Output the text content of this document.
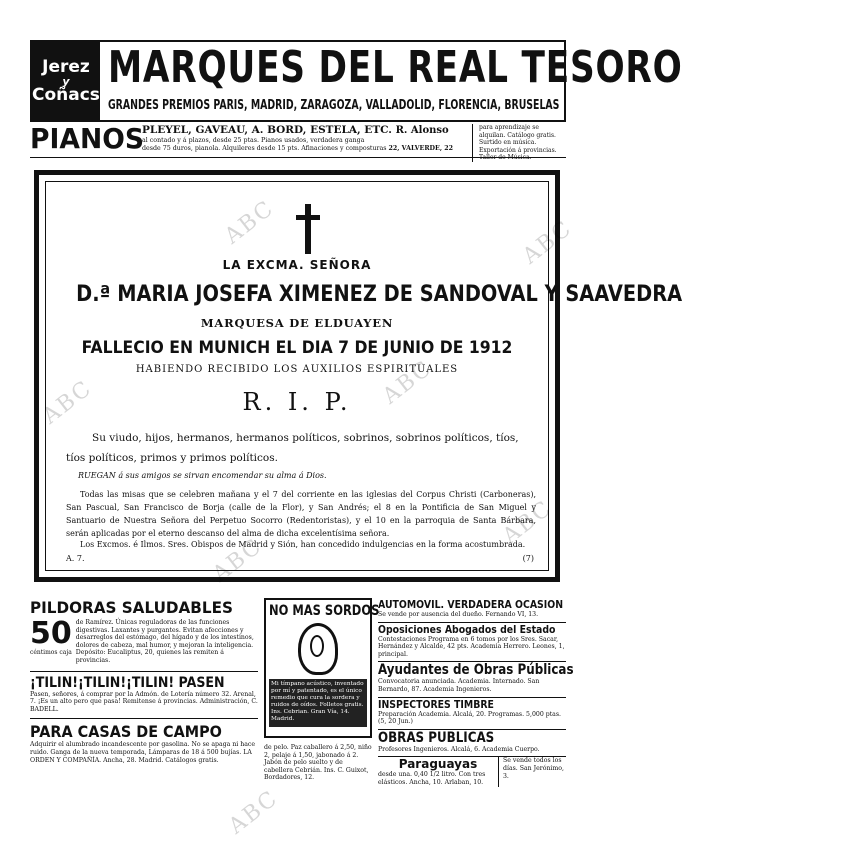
Jerez
y
Coñacs
MARQUES DEL REAL TESORO
GRANDES PREMIOS PARIS, MADRID, ZARAGOZA, VALLADOLID, FLORENCIA, BRUSELAS
PIANOS
PLEYEL, GAVEAU, A. BORD, ESTELA, ETC. R. Alonso
al contado y á plazos, desde 25 ptas. Pianos usados, verdadera ganga
desde 75 duros, pianola. Alquileres desde 15 pts. Afinaciones y composturas 22, VALVERDE, 22
para aprendizaje se alquilan. Catálogo gratis. Surtido en música. Exportación á provincias. Taller de Música.
LA EXCMA. SEÑORA
D.ª MARIA JOSEFA XIMENEZ DE SANDOVAL Y SAAVEDRA
MARQUESA DE ELDUAYEN
FALLECIO EN MUNICH EL DIA 7 DE JUNIO DE 1912
HABIENDO RECIBIDO LOS AUXILIOS ESPIRITUALES
R. I. P.
Su viudo, hijos, hermanos, hermanos políticos, sobrinos, sobrinos políticos, tíos, tíos políticos, primos y primos políticos.
RUEGAN á sus amigos se sirvan encomendar su alma á Dios.
Todas las misas que se celebren mañana y el 7 del corriente en las iglesias del Corpus Christi (Carboneras), San Pascual, San Francisco de Borja (calle de la Flor), y San Andrés; el 8 en la Pontificia de San Miguel y Santuario de Nuestra Señora del Perpetuo Socorro (Redentoristas), y el 10 en la parroquia de Santa Bárbara, serán aplicadas por el eterno descanso del alma de dicha excelentísima señora.
Los Excmos. é Ilmos. Sres. Obispos de Madrid y Sión, han concedido indulgencias en la forma acostumbrada.
A. 7.	(7)
PILDORAS SALUDABLES
50
céntimos caja
de Ramírez. Únicas reguladoras de las funciones digestivas. Laxantes y purgantes. Evitan afecciones y desarreglos del estómago, del hígado y de los intestinos, dolores de cabeza, mal humor, y mejoran la inteligencia. Depósito: Eucaliptus, 20, quienes las remiten á provincias.
¡TILIN!¡TILIN!¡TILIN! PASEN
Pasen, señores, á comprar por la Admón. de Lotería número 32. Arenal, 7. ¡Es un alto pero que pasa! Remitense á provincias. Administración, C. BADELL.
PARA CASAS DE CAMPO
Adquirir el alumbrado incandescente por gasolina. No se apaga ni hace ruido. Ganga de la nueva temporada, Lámparas de 18 á 500 bujías. LA ORDEN Y COMPAÑÍA. Ancha, 28. Madrid. Catálogos gratis.
NO MAS SORDOS
Mi tímpano acústico, inventado por mí y patentado, es el único remedio que cura la sordera y ruidos de oídos. Folletos gratis. Ins. Cebrian. Gran Vía, 14. Madrid.
de pelo. Paz caballero á 2,50, niño 2, pelaje á 1,50, jabonado á 2. Jabón de pelo suelto y de cabellera Cebrián. Ins. C. Guixot, Bordadores, 12.
AUTOMOVIL. VERDADERA OCASION
Se vende por ausencia del dueño. Fernando VI, 13.
Oposiciones Abogados del Estado
Contestaciones Programa en 6 tomos por los Sres. Sacar, Hernández y Alcalde, 42 pts. Academia Herrero. Leones, 1, principal.
Ayudantes de Obras Públicas
Convocatoria anunciada. Academia. Internado. San Bernardo, 87. Academia Ingenieros.
INSPECTORES TIMBRE
Preparación Academia. Alcalá, 20. Programas. 5,000 ptas. (5, 20 Jun.)
OBRAS PUBLICAS
Profesores Ingenieros. Alcalá, 6. Academia Cuerpo.
Paraguayas
desde una. 0,40 1/2 litro. Con tres elásticos. Ancha, 10. Arlaban, 10.
Se vende todos los días. San Jerónimo, 3.
ABC
ABC
ABC
ABC
ABC
ABC
ABC
